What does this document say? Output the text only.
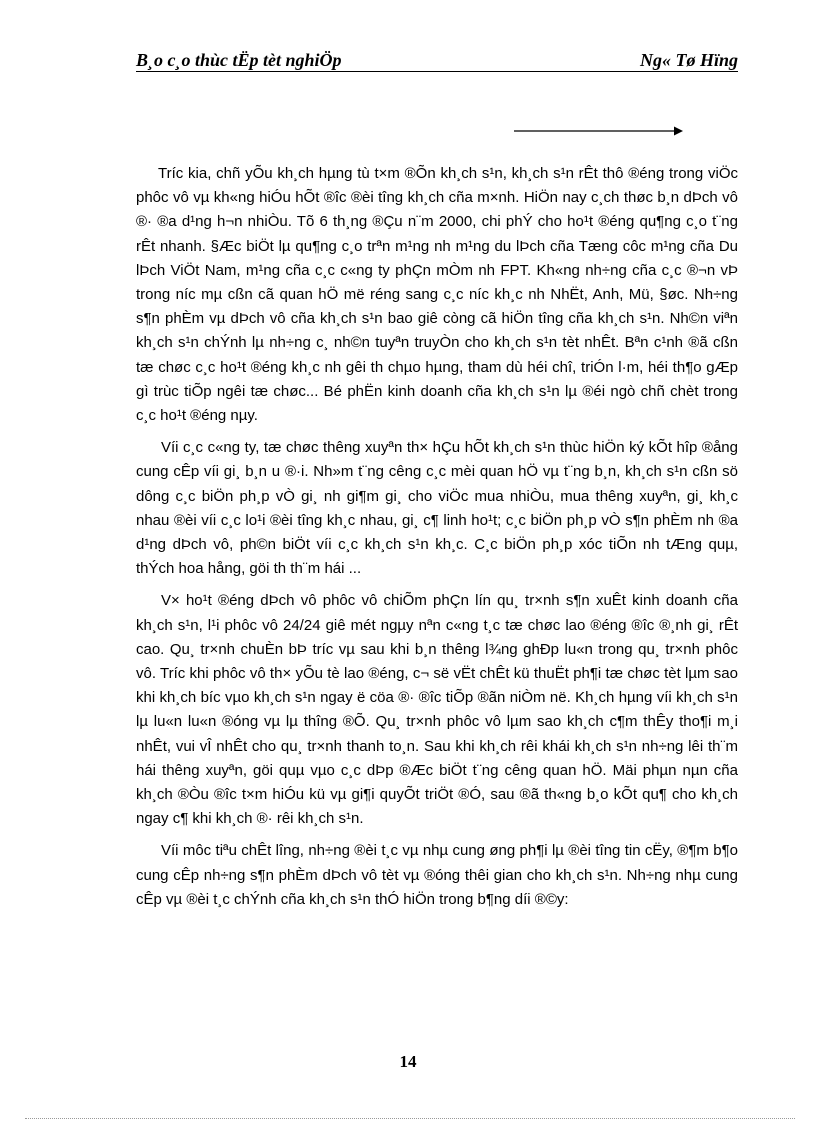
B¸o c¸o thùc tËp tèt nghiÖp	Ng« Tø Hïng

Tríc kia, chñ yÕu kh¸ch hµng tù t×m ®Õn kh¸ch s¹n, kh¸ch s¹n rÊt thô ®éng trong viÖc phôc vô vµ kh«ng hiÓu hÕt ®îc ®èi tîng kh¸ch cña m×nh. HiÖn nay c¸ch thøc b¸n dÞch vô ®· ®a d¹ng h¬n nhiÒu. Tõ 6 th¸ng ®Çu n¨m 2000, chi phÝ cho ho¹t ®éng qu¶ng c¸o t¨ng rÊt nhanh. §Æc biÖt lµ qu¶ng c¸o trªn m¹ng nh m¹ng du lÞch cña Tæng côc m¹ng cña Du lÞch ViÖt Nam, m¹ng cña c¸c c«ng ty phÇn mÒm nh FPT. Kh«ng nh÷ng cña c¸c ®¬n vÞ trong níc mµ cßn cã quan hÖ më réng sang c¸c níc kh¸c nh NhËt, Anh, Mü, §øc. Nh÷ng s¶n phÈm vµ dÞch vô cña kh¸ch s¹n bao giê còng cã hiÖn tîng cña kh¸ch s¹n. Nh©n viªn kh¸ch s¹n chÝnh lµ nh÷ng c¸ nh©n tuyªn truyÒn cho kh¸ch s¹n tèt nhÊt. Bªn c¹nh ®ã cßn tæ chøc c¸c ho¹t ®éng kh¸c nh gêi th chµo hµng, tham dù héi chî, triÓn l·m, héi th¶o gÆp gì trùc tiÕp ngêi tæ chøc... Bé phËn kinh doanh cña kh¸ch s¹n lµ ®éi ngò chñ chèt trong c¸c ho¹t ®éng nµy.

Víi c¸c c«ng ty, tæ chøc thêng xuyªn th× hÇu hÕt kh¸ch s¹n thùc hiÖn ký kÕt hîp ®ång cung cÊp víi gi¸ b¸n u ®·i. Nh»m t¨ng cêng c¸c mèi quan hÖ vµ t¨ng b¸n, kh¸ch s¹n cßn sö dông c¸c biÖn ph¸p vÒ gi¸ nh gi¶m gi¸ cho viÖc mua nhiÒu, mua thêng xuyªn, gi¸ kh¸c nhau ®èi víi c¸c lo¹i ®èi tîng kh¸c nhau, gi¸ c¶ linh ho¹t; c¸c biÖn ph¸p vÒ s¶n phÈm nh ®a d¹ng dÞch vô, ph©n biÖt víi c¸c kh¸ch s¹n kh¸c. C¸c biÖn ph¸p xóc tiÕn nh tÆng quµ, thÝch hoa hång, göi th th¨m hái ...

V× ho¹t ®éng dÞch vô phôc vô chiÕm phÇn lín qu¸ tr×nh s¶n xuÊt kinh doanh cña kh¸ch s¹n, l¹i phôc vô 24/24 giê mét ngµy nªn c«ng t¸c tæ chøc lao ®éng ®îc ®¸nh gi¸ rÊt cao. Qu¸ tr×nh chuÈn bÞ tríc vµ sau khi b¸n thêng l¾ng ghÐp lu«n trong qu¸ tr×nh phôc vô. Tríc khi phôc vô th× yÕu tè lao ®éng, c¬ së vËt chÊt kü thuËt ph¶i tæ chøc tèt lµm sao khi kh¸ch bíc vµo kh¸ch s¹n ngay ë cöa ®· ®îc tiÕp ®ãn niÒm në. Kh¸ch hµng víi kh¸ch s¹n lµ lu«n lu«n ®óng vµ lµ thîng ®Õ. Qu¸ tr×nh phôc vô lµm sao kh¸ch c¶m thÊy tho¶i m¸i nhÊt, vui vÎ nhÊt cho qu¸ tr×nh thanh to¸n. Sau khi kh¸ch rêi khái kh¸ch s¹n nh÷ng lêi th¨m hái thêng xuyªn, göi quµ vµo c¸c dÞp ®Æc biÖt t¨ng cêng quan hÖ. Mäi phµn nµn cña kh¸ch ®Òu ®îc t×m hiÓu kü vµ gi¶i quyÕt triÖt ®Ó, sau ®ã th«ng b¸o kÕt qu¶ cho kh¸ch ngay c¶ khi kh¸ch ®· rêi kh¸ch s¹n.

Víi môc tiªu chÊt lîng, nh÷ng ®èi t¸c vµ nhµ cung øng ph¶i lµ ®èi tîng tin cËy, ®¶m b¶o cung cÊp nh÷ng s¶n phÈm dÞch vô tèt vµ ®óng thêi gian cho kh¸ch s¹n. Nh÷ng nhµ cung cÊp vµ ®èi t¸c chÝnh cña kh¸ch s¹n thÓ hiÖn trong b¶ng díi ®©y:

14
